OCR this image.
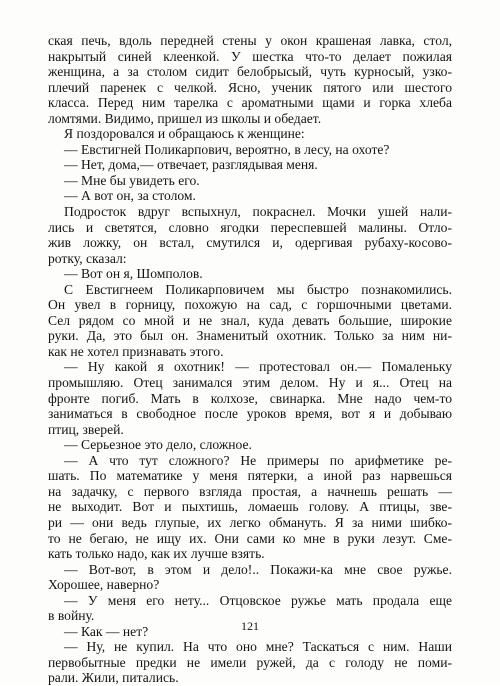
ская печь, вдоль передней стены у окон крашеная лавка, стол,
накрытый синей клеенкой. У шестка что-то делает пожилая
женщина, а за столом сидит белобрысый, чуть курносый, узко-
плечий паренек с челкой. Ясно, ученик пятого или шестого
класса. Перед ним тарелка с ароматными щами и горка хлеба
ломтями. Видимо, пришел из школы и обедает.
Я поздоровался и обращаюсь к женщине:
— Евстигней Поликарпович, вероятно, в лесу, на охоте?
— Нет, дома,— отвечает, разглядывая меня.
— Мне бы увидеть его.
— А вот он, за столом.
Подросток вдруг вспыхнул, покраснел. Мочки ушей нали-
лись и светятся, словно ягодки переспевшей малины. Отло-
жив ложку, он встал, смутился и, одергивая рубаху-косово-
ротку, сказал:
— Вот он я, Шомполов.
С Евстигнеем Поликарповичем мы быстро познакомились.
Он увел в горницу, похожую на сад, с горшочными цветами.
Сел рядом со мной и не знал, куда девать большие, широкие
руки. Да, это был он. Знаменитый охотник. Только за ним ни-
как не хотел признавать этого.
— Ну какой я охотник! — протестовал он.— Помаленьку
промышляю. Отец занимался этим делом. Ну и я... Отец на
фронте погиб. Мать в колхозе, свинарка. Мне надо чем-то
заниматься в свободное после уроков время, вот я и добываю
птиц, зверей.
— Серьезное это дело, сложное.
— А что тут сложного? Не примеры по арифметике ре-
шать. По математике у меня пятерки, а иной раз нарвешься
на задачку, с первого взгляда простая, а начнешь решать —
не выходит. Вот и пыхтишь, ломаешь голову. А птицы, зве-
ри — они ведь глупые, их легко обмануть. Я за ними шибко-
то не бегаю, не ищу их. Они сами ко мне в руки лезут. Сме-
кать только надо, как их лучше взять.
— Вот-вот, в этом и дело!.. Покажи-ка мне свое ружье.
Хорошее, наверно?
— У меня его нету... Отцовское ружье мать продала еще
в войну.
— Как — нет?
— Ну, не купил. На что оно мне? Таскаться с ним. Наши
первобытные предки не имели ружей, да с голоду не поми-
рали. Жили, питались.
121
